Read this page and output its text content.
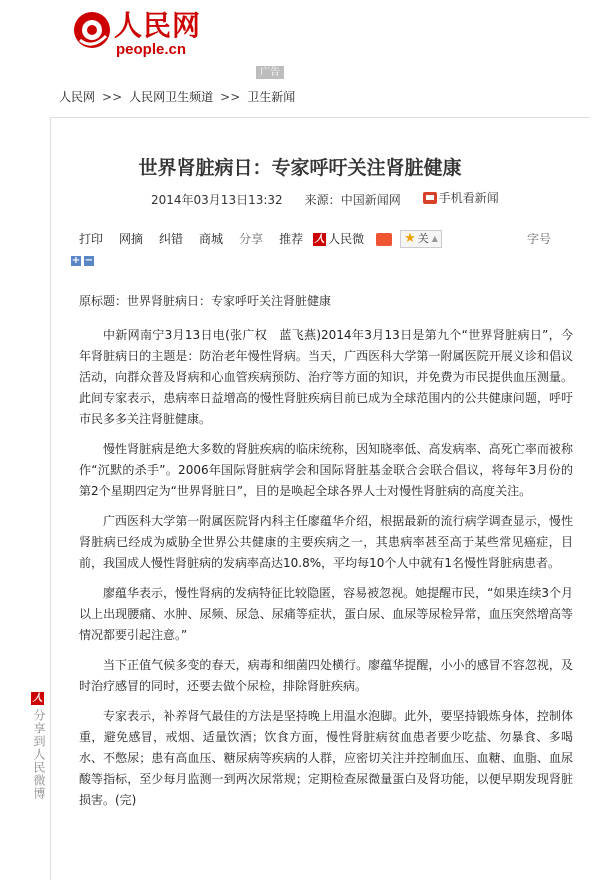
人民网
people.cn
广告
人民网 >> 人民网卫生频道 >> 卫生新闻
世界肾脏病日：专家呼吁关注肾脏健康
2014年03月13日13:32 来源：中国新闻网	手机看新闻
打印 网摘 纠错 商城 分享 推荐 人 人民微	★ 关 ▲	字号
+ −
原标题：世界肾脏病日：专家呼吁关注肾脏健康

中新网南宁3月13日电(张广权　蓝飞燕)2014年3月13日是第九个“世界肾脏病日”，今年肾脏病日的主题是：防治老年慢性肾病。当天，广西医科大学第一附属医院开展义诊和倡议活动，向群众普及肾病和心血管疾病预防、治疗等方面的知识，并免费为市民提供血压测量。此间专家表示，患病率日益增高的慢性肾脏疾病目前已成为全球范围内的公共健康问题，呼吁市民多多关注肾脏健康。

慢性肾脏病是绝大多数的肾脏疾病的临床统称，因知晓率低、高发病率、高死亡率而被称作“沉默的杀手”。2006年国际肾脏病学会和国际肾脏基金联合会联合倡议，将每年3月份的第2个星期四定为“世界肾脏日”，目的是唤起全球各界人士对慢性肾脏病的高度关注。

广西医科大学第一附属医院肾内科主任廖蕴华介绍，根据最新的流行病学调查显示，慢性肾脏病已经成为威胁全世界公共健康的主要疾病之一，其患病率甚至高于某些常见癌症，目前，我国成人慢性肾脏病的发病率高达10.8%，平均每10个人中就有1名慢性肾脏病患者。

廖蕴华表示，慢性肾病的发病特征比较隐匿，容易被忽视。她提醒市民，“如果连续3个月以上出现腰痛、水肿、尿频、尿急、尿痛等症状，蛋白尿、血尿等尿检异常，血压突然增高等情况都要引起注意。”

当下正值气候多变的春天，病毒和细菌四处横行。廖蕴华提醒，小小的感冒不容忽视，及时治疗感冒的同时，还要去做个尿检，排除肾脏疾病。

专家表示，补养肾气最佳的方法是坚持晚上用温水泡脚。此外，要坚持锻炼身体，控制体重，避免感冒，戒烟、适量饮酒；饮食方面，慢性肾脏病贫血患者要少吃盐、勿暴食、多喝水、不憋尿；患有高血压、糖尿病等疾病的人群，应密切关注并控制血压、血糖、血脂、血尿酸等指标，至少每月监测一到两次尿常规；定期检查尿微量蛋白及肾功能，以便早期发现肾脏损害。(完)

人
分享到人民微博
